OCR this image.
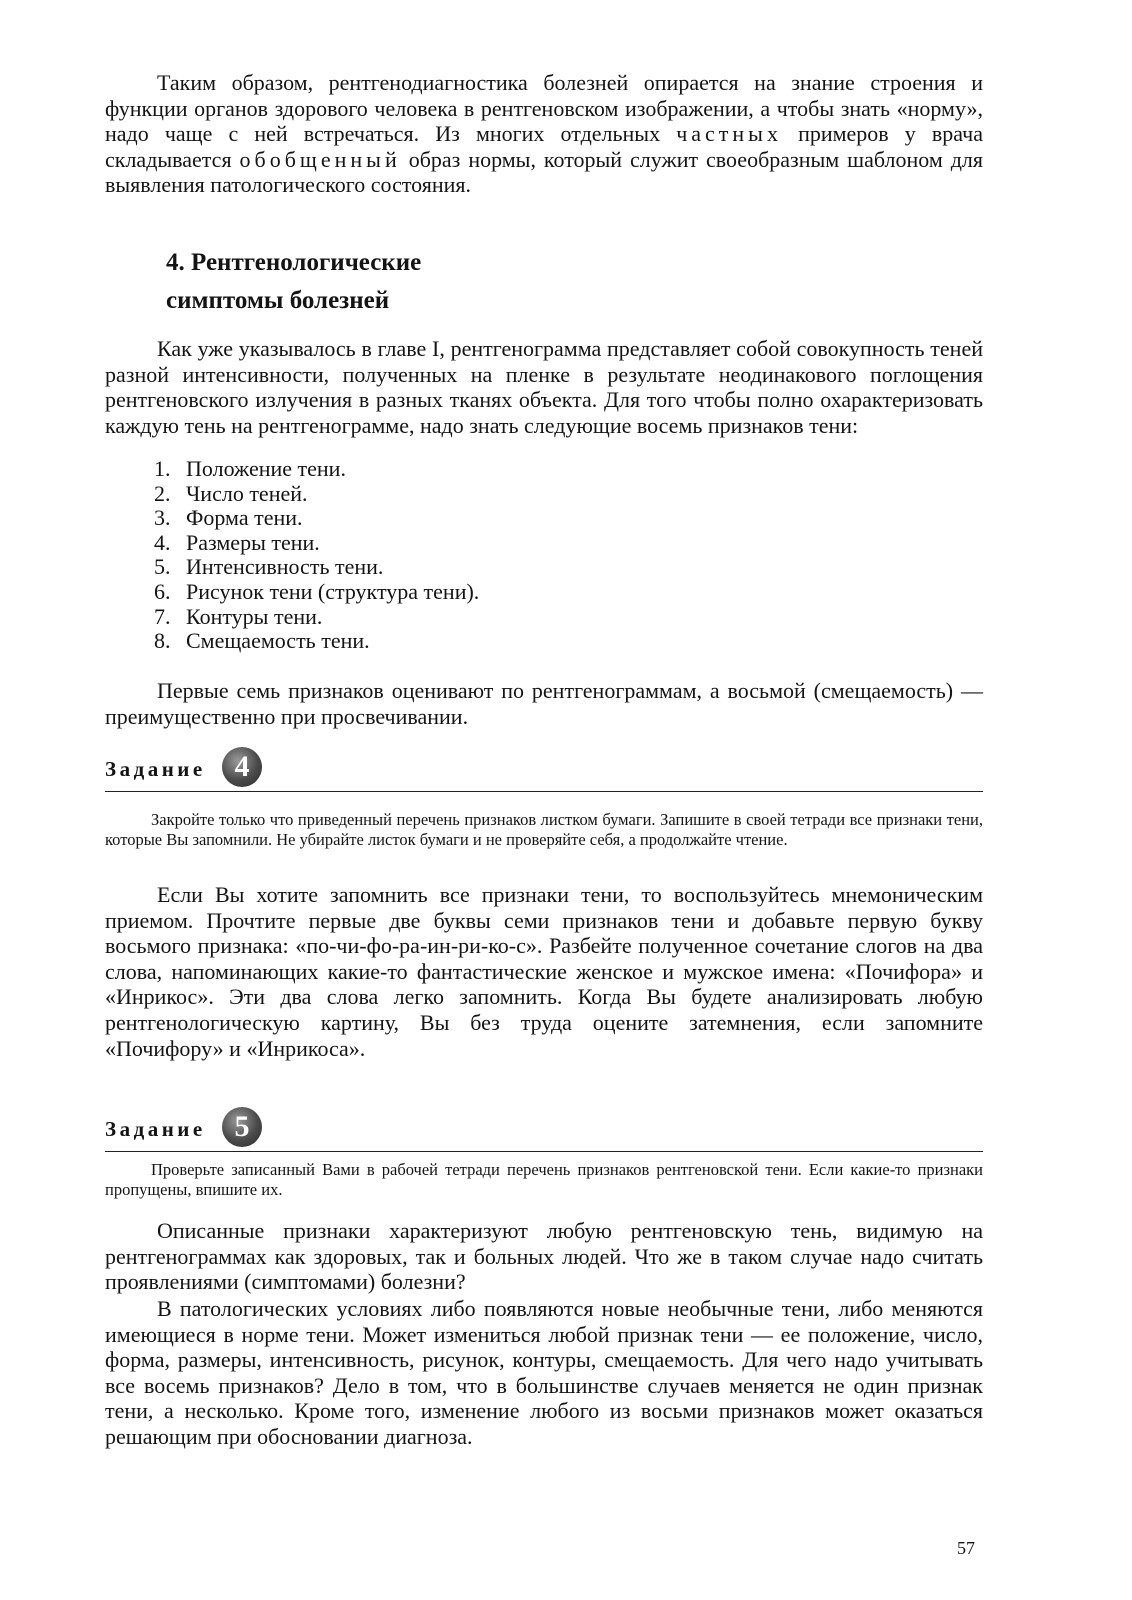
Таким образом, рентгенодиагностика болезней опирается на знание строения и функции органов здорового человека в рентгеновском изображении, а чтобы знать «норму», надо чаще с ней встречаться. Из многих отдельных частных примеров у врача складывается обобщенный образ нормы, который служит своеобразным шаблоном для выявления патологического состояния.

4. Рентгенологические
симптомы болезней

Как уже указывалось в главе I, рентгенограмма представляет собой совокупность теней разной интенсивности, полученных на пленке в результате неодинакового поглощения рентгеновского излучения в разных тканях объекта. Для того чтобы полно охарактеризовать каждую тень на рентгенограмме, надо знать следующие восемь признаков тени:

1. Положение тени.
2. Число теней.
3. Форма тени.
4. Размеры тени.
5. Интенсивность тени.
6. Рисунок тени (структура тени).
7. Контуры тени.
8. Смещаемость тени.

Первые семь признаков оценивают по рентгенограммам, а восьмой (смещаемость) — преимущественно при просвечивании.

Задание 4

Закройте только что приведенный перечень признаков листком бумаги. Запишите в своей тетради все признаки тени, которые Вы запомнили. Не убирайте листок бумаги и не проверяйте себя, а продолжайте чтение.

Если Вы хотите запомнить все признаки тени, то воспользуйтесь мнемоническим приемом. Прочтите первые две буквы семи признаков тени и добавьте первую букву восьмого признака: «по-чи-фо-ра-ин-ри-ко-с». Разбейте полученное сочетание слогов на два слова, напоминающих какие-то фантастические женское и мужское имена: «Почифора» и «Инрикос». Эти два слова легко запомнить. Когда Вы будете анализировать любую рентгенологическую картину, Вы без труда оцените затемнения, если запомните «Почифору» и «Инрикоса».

Задание 5

Проверьте записанный Вами в рабочей тетради перечень признаков рентгеновской тени. Если какие-то признаки пропущены, впишите их.

Описанные признаки характеризуют любую рентгеновскую тень, видимую на рентгенограммах как здоровых, так и больных людей. Что же в таком случае надо считать проявлениями (симптомами) болезни?

В патологических условиях либо появляются новые необычные тени, либо меняются имеющиеся в норме тени. Может измениться любой признак тени — ее положение, число, форма, размеры, интенсивность, рисунок, контуры, смещаемость. Для чего надо учитывать все восемь признаков? Дело в том, что в большинстве случаев меняется не один признак тени, а несколько. Кроме того, изменение любого из восьми признаков может оказаться решающим при обосновании диагноза.

57
